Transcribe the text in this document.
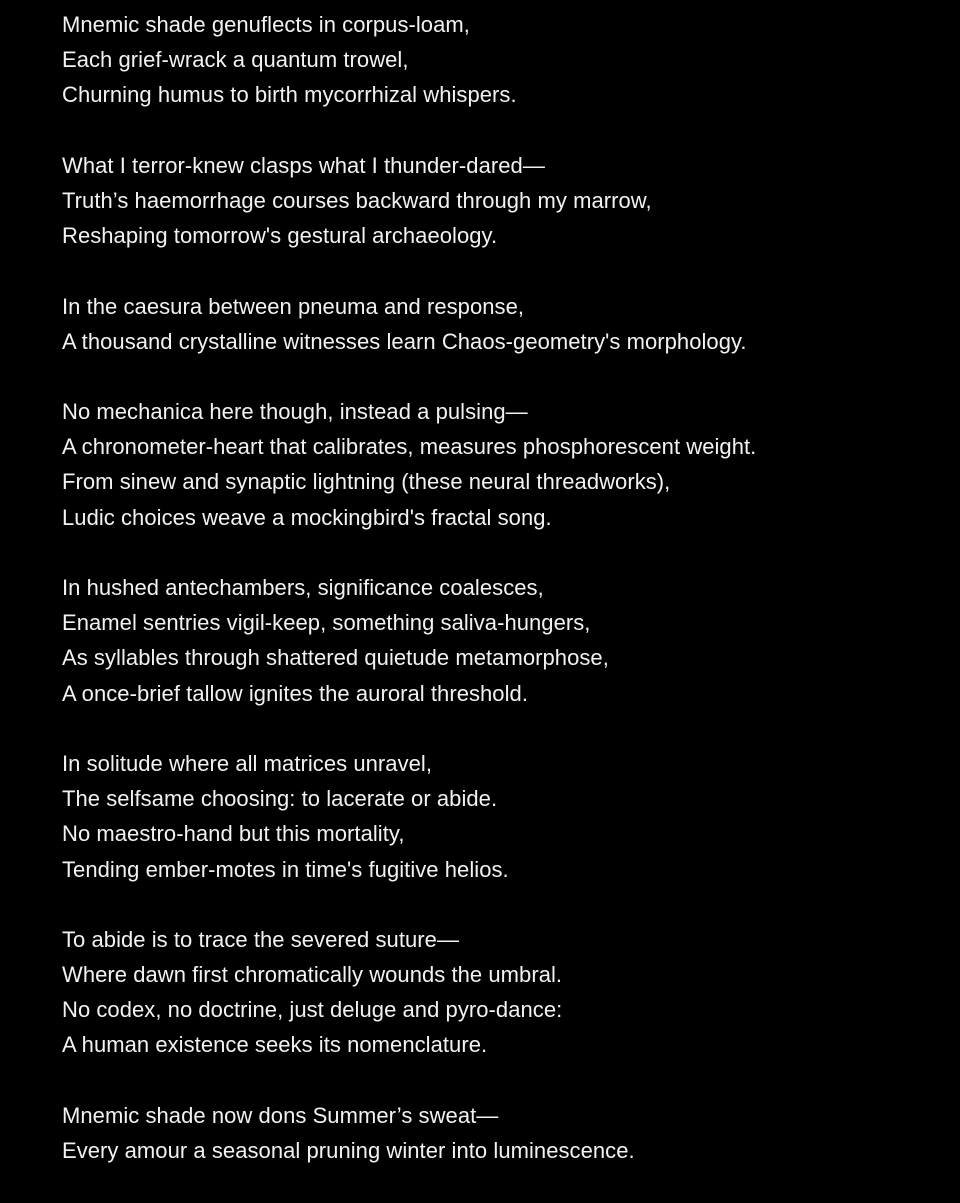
Mnemic shade genuflects in corpus-loam,
Each grief-wrack a quantum trowel,
Churning humus to birth mycorrhizal whispers.
What I terror-knew clasps what I thunder-dared—
Truth’s haemorrhage courses backward through my marrow,
Reshaping tomorrow's gestural archaeology.
In the caesura between pneuma and response,
A thousand crystalline witnesses learn Chaos-geometry's morphology.
No mechanica here though, instead a pulsing—
A chronometer-heart that calibrates, measures phosphorescent weight.
From sinew and synaptic lightning (these neural threadworks),
Ludic choices weave a mockingbird's fractal song.
In hushed antechambers, significance coalesces,
Enamel sentries vigil-keep, something saliva-hungers,
As syllables through shattered quietude metamorphose,
A once-brief tallow ignites the auroral threshold.
In solitude where all matrices unravel,
The selfsame choosing: to lacerate or abide.
No maestro-hand but this mortality,
Tending ember-motes in time's fugitive helios.
To abide is to trace the severed suture—
Where dawn first chromatically wounds the umbral.
No codex, no doctrine, just deluge and pyro-dance:
A human existence seeks its nomenclature.
Mnemic shade now dons Summer’s sweat—
Every amour a seasonal pruning winter into luminescence.
